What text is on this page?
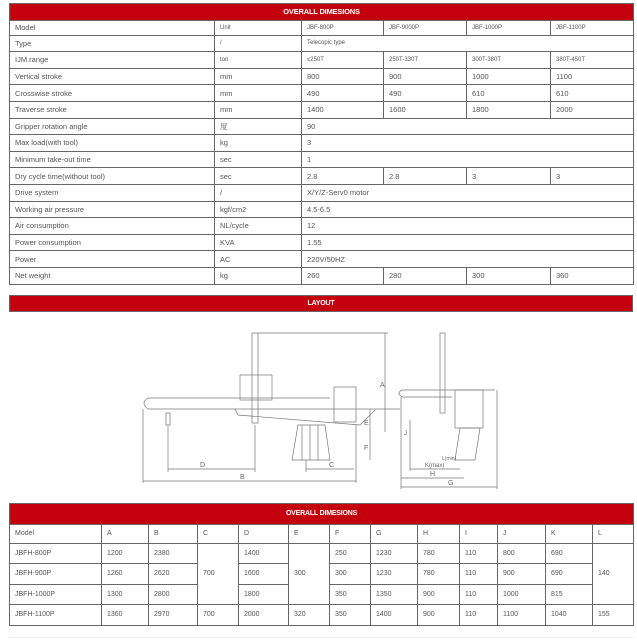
OVERALL DIMESIONS					
Model	Unit	JBF-800P	JBF-9000P	JBF-1000P	JBF-1100P
Type	/	Telecopic type			
IJM.range	ton	≤250T	250T-330T	300T-380T	380T-450T
Vertical stroke	mm	800	900	1000	1100
Crosswise stroke	mm	490	490	610	610
Traverse stroke	mm	1400	1600	1800	2000
Gripper rotation angle	度	90			
Max load(with tool)	kg	3			
Minimum take-out time	sec	1			
Dry cycle time(without tool)	sec	2.8	2.8	3	3
Drive system	/	X/Y/Z-Serv0 motor			
Working air pressure	kgf/cm2	4.5-6.5			
Air consumption	NL/cycle	12			
Power consumption	KVA	1.55			
Power	AC	220V/50HZ			
Net weight	kg	260	280	300	360
LAYOUT
A
D
B
C
E
F
G
H
K(max)
L(min)
J
OVERALL DIMESIONS												
Model	A	B	C	D	E	F	G	H	I	J	K	L
JBFH-800P	1200	2380	700	1400	300	250	1230	780	110	800	690	140
JBFH-900P	1260	2620		1600		300	1230	780	110	900	690	
JBFH-1000P	1300	2800		1800		350	1350	900	110	1000	815	
JBFH-1100P	1360	2970	700	2000	320	350	1400	900	110	1100	1040	155
